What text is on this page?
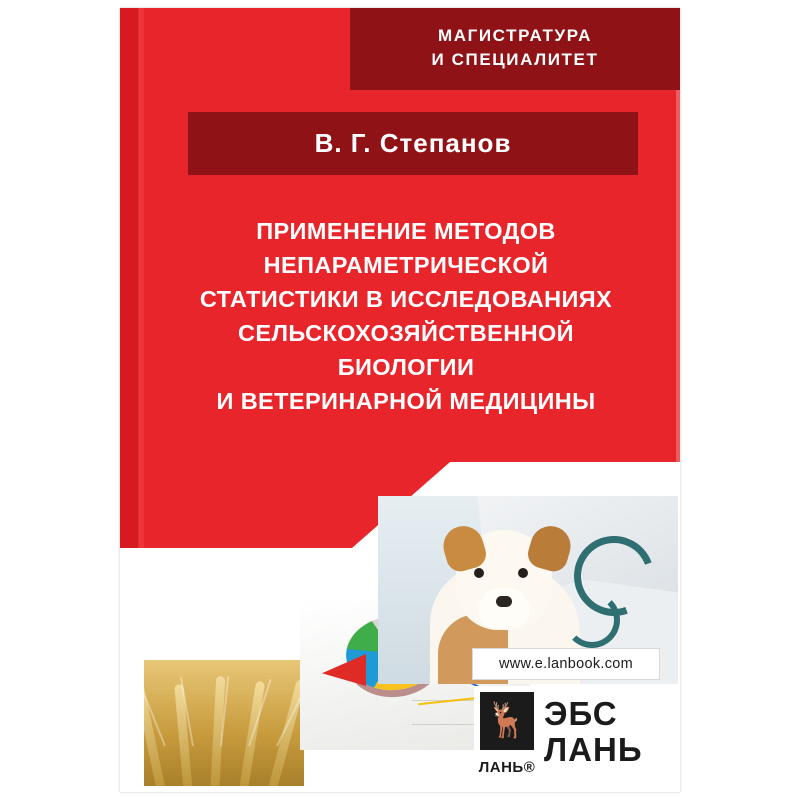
МАГИСТРАТУРА
И СПЕЦИАЛИТЕТ
В. Г. Степанов
ПРИМЕНЕНИЕ МЕТОДОВ
НЕПАРАМЕТРИЧЕСКОЙ
СТАТИСТИКИ В ИССЛЕДОВАНИЯХ
СЕЛЬСКОХОЗЯЙСТВЕННОЙ
БИОЛОГИИ
И ВЕТЕРИНАРНОЙ МЕДИЦИНЫ
www.e.lanbook.com
🦌
ЛАНЬ®
ЭБС
ЛАНЬ
